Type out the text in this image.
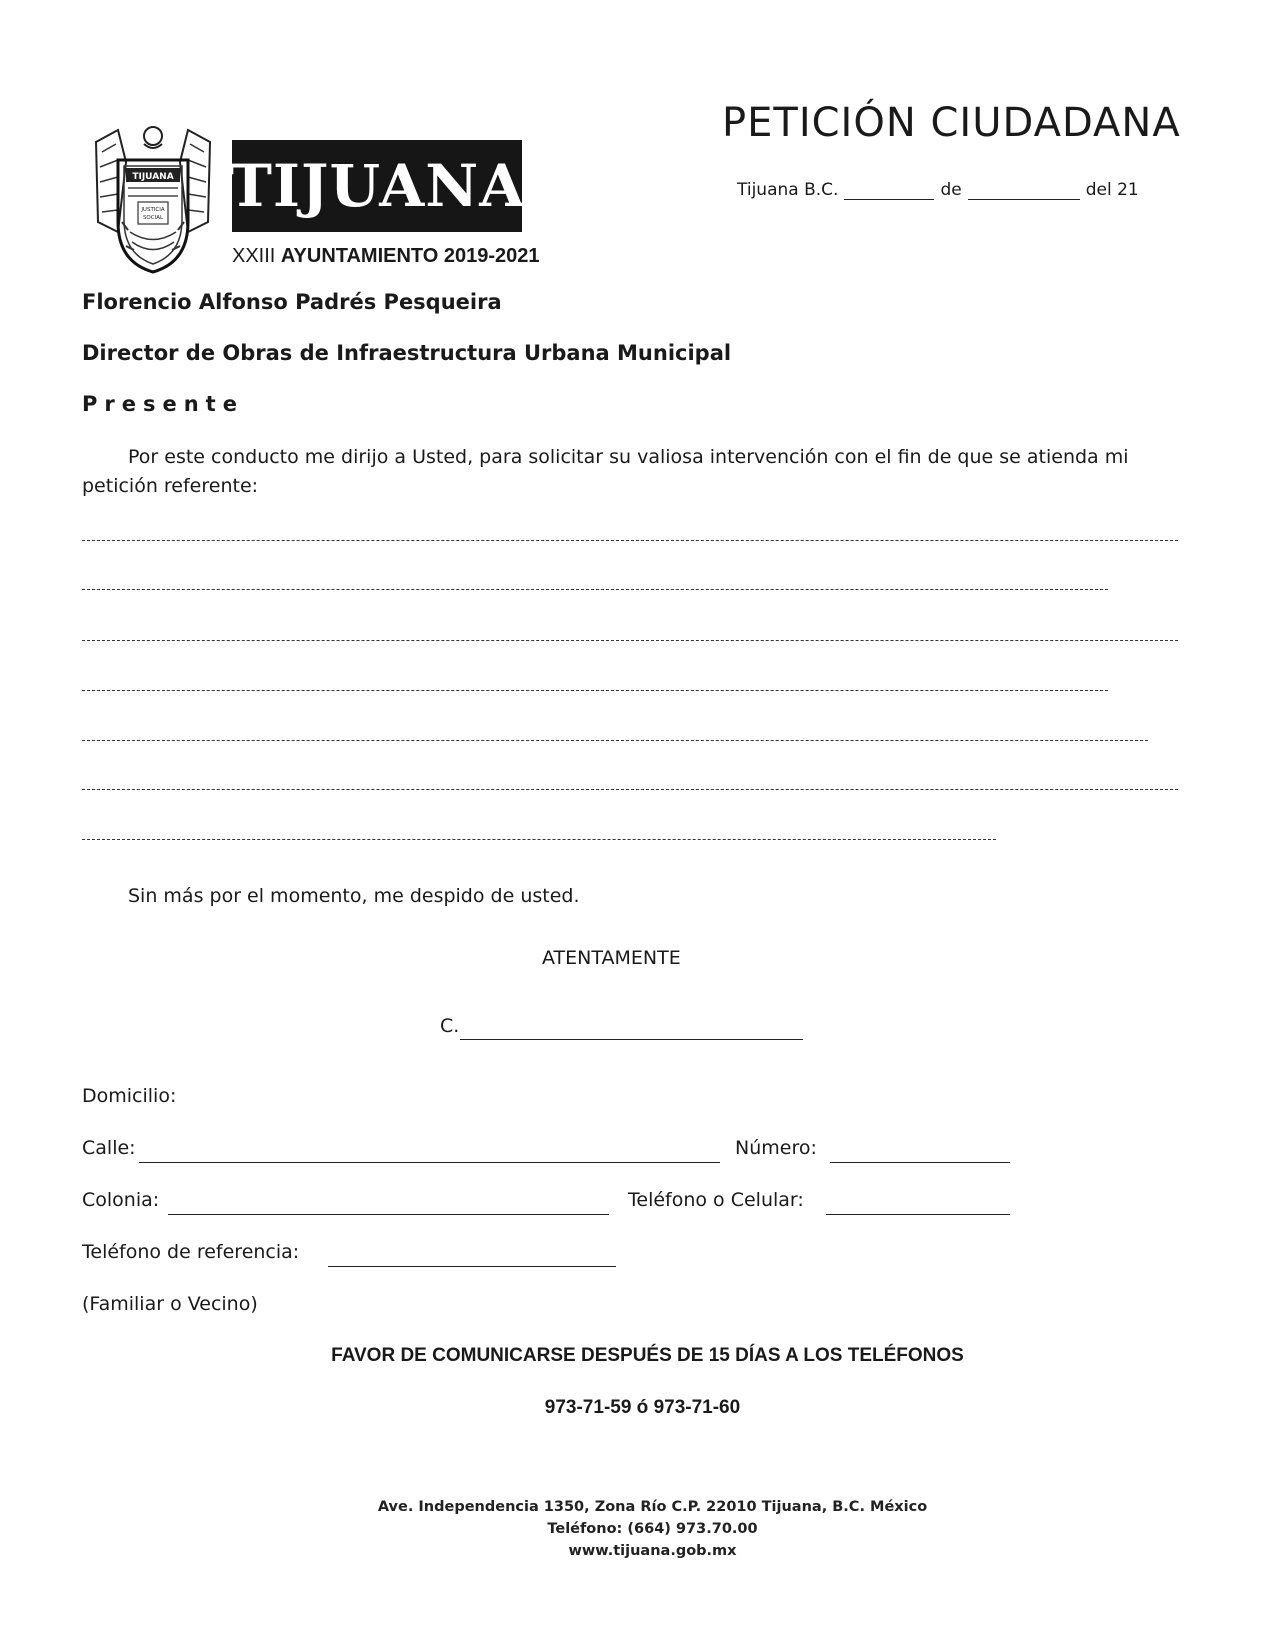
TIJUANA
JUSTICIA
SOCIAL TIJUANA
XXIII AYUNTAMIENTO 2019-2021
PETICIÓN CIUDADANA
Tijuana B.C.	de	del 21
Florencio Alfonso Padrés Pesqueira
Director de Obras de Infraestructura Urbana Municipal
Presente
Por este conducto me dirijo a Usted, para solicitar su valiosa intervención con el fin de que se atienda mi petición referente:
Sin más por el momento, me despido de usted.
ATENTAMENTE
C.
Domicilio:
Calle:	Número:
Colonia:	Teléfono o Celular:
Teléfono de referencia:
(Familiar o Vecino)
FAVOR DE COMUNICARSE DESPUÉS DE 15 DÍAS A LOS TELÉFONOS
973-71-59 ó 973-71-60
Ave. Independencia 1350, Zona Río C.P. 22010 Tijuana, B.C. México
Teléfono: (664) 973.70.00
www.tijuana.gob.mx
